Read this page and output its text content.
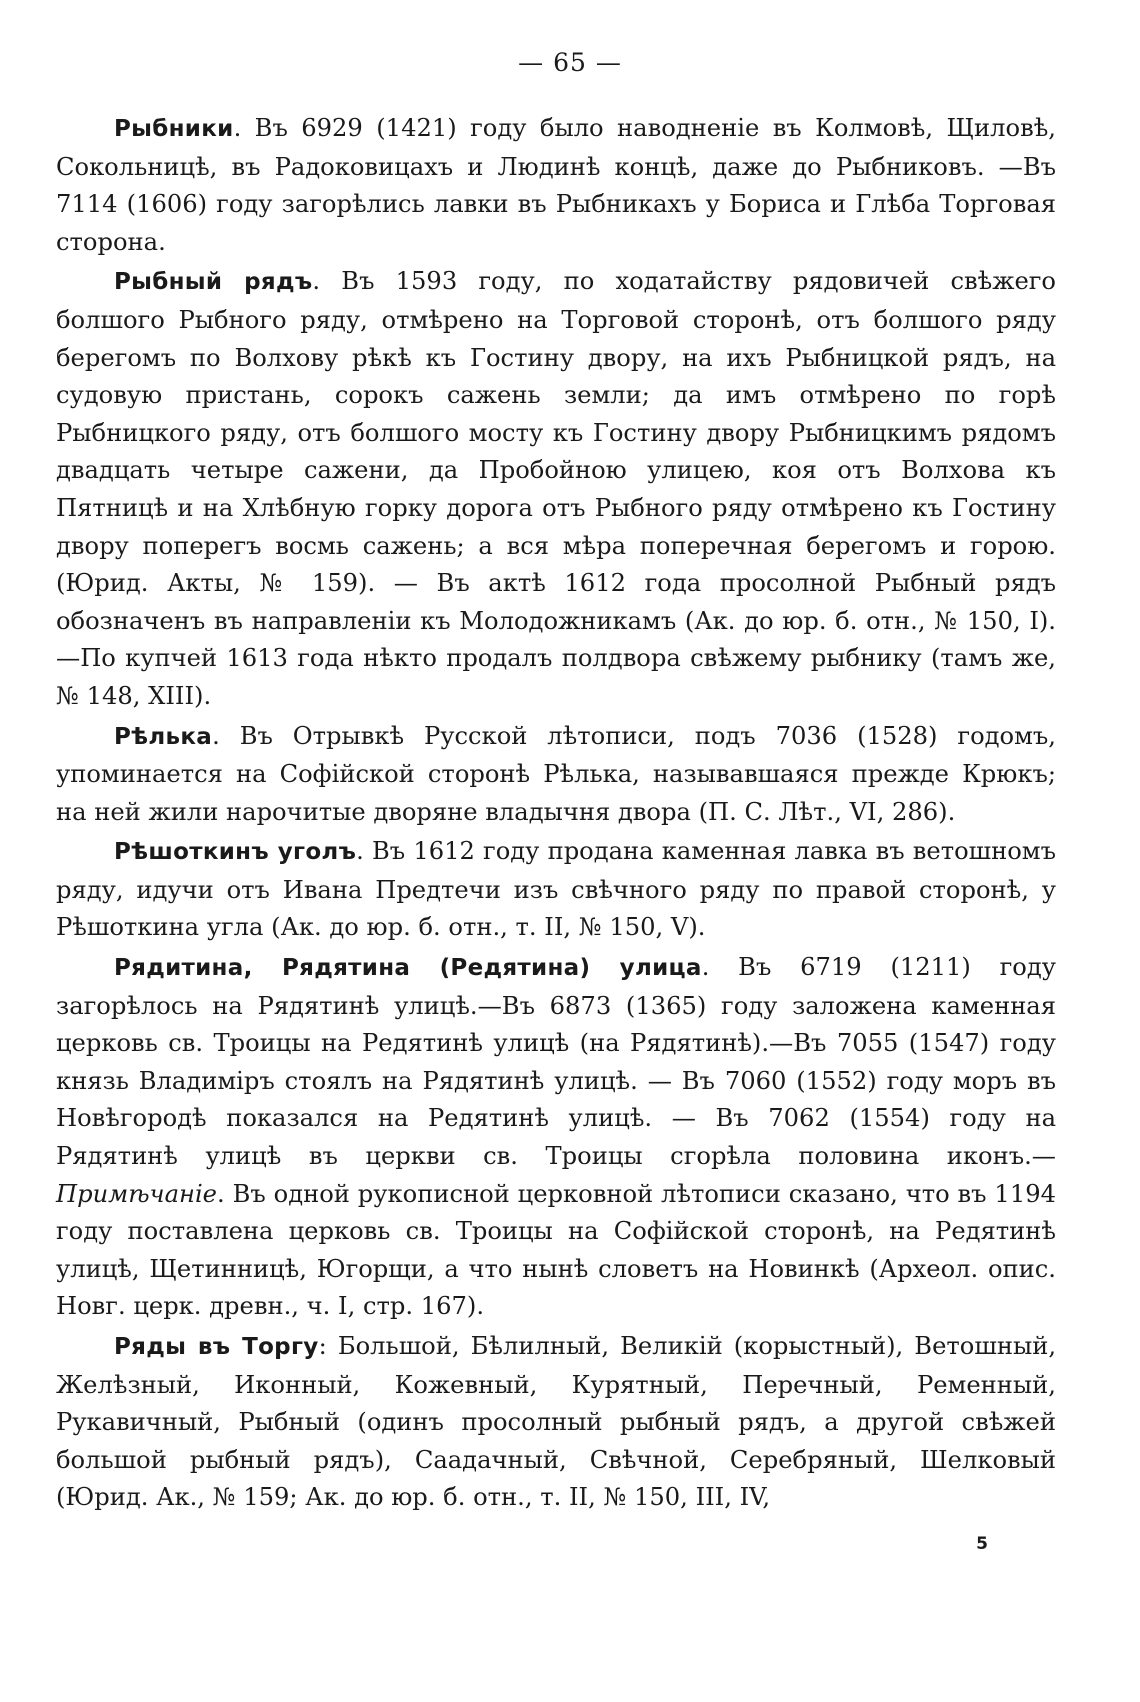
— 65 —

Рыбники. Въ 6929 (1421) году было наводненіе въ Колмовѣ, Щиловѣ, Сокольницѣ, въ Радоковицахъ и Людинѣ концѣ, даже до Рыбниковъ. —Въ 7114 (1606) году загорѣлись лавки въ Рыбникахъ у Бориса и Глѣба Торговая сторона.

Рыбный рядъ. Въ 1593 году, по ходатайству рядовичей свѣжего болшого Рыбного ряду, отмѣрено на Торговой сторонѣ, отъ болшого ряду берегомъ по Волхову рѣкѣ къ Гостину двору, на ихъ Рыбницкой рядъ, на судовую пристань, сорокъ сажень земли; да имъ отмѣрено по горѣ Рыбницкого ряду, отъ болшого мосту къ Гостину двору Рыбницкимъ рядомъ двадцать четыре сажени, да Пробойною улицею, коя отъ Волхова къ Пятницѣ и на Хлѣбную горку дорога отъ Рыбного ряду отмѣрено къ Гостину двору поперегъ восмь сажень; а вся мѣра поперечная берегомъ и горою. (Юрид. Акты, № 159). — Въ актѣ 1612 года просолной Рыбный рядъ обозначенъ въ направленіи къ Молодожникамъ (Ак. до юр. б. отн., № 150, I).—По купчей 1613 года нѣкто продалъ полдвора свѣжему рыбнику (тамъ же, № 148, XIII).

Рѣлька. Въ Отрывкѣ Русской лѣтописи, подъ 7036 (1528) годомъ, упоминается на Софійской сторонѣ Рѣлька, называвшаяся прежде Крюкъ; на ней жили нарочитые дворяне владычня двора (П. С. Лѣт., VI, 286).

Рѣшоткинъ уголъ. Въ 1612 году продана каменная лавка въ ветошномъ ряду, идучи отъ Ивана Предтечи изъ свѣчного ряду по правой сторонѣ, у Рѣшоткина угла (Ак. до юр. б. отн., т. II, № 150, V).

Рядитина, Рядятина (Редятина) улица. Въ 6719 (1211) году загорѣлось на Рядятинѣ улицѣ.—Въ 6873 (1365) году заложена каменная церковь св. Троицы на Редятинѣ улицѣ (на Рядятинѣ).—Въ 7055 (1547) году князь Владиміръ стоялъ на Рядятинѣ улицѣ. — Въ 7060 (1552) году моръ въ Новѣгородѣ показался на Редятинѣ улицѣ. — Въ 7062 (1554) году на Рядятинѣ улицѣ въ церкви св. Троицы сгорѣла половина иконъ.—Примѣчаніе. Въ одной рукописной церковной лѣтописи сказано, что въ 1194 году поставлена церковь св. Троицы на Софійской сторонѣ, на Редятинѣ улицѣ, Щетинницѣ, Югорщи, а что нынѣ словетъ на Новинкѣ (Археол. опис. Новг. церк. древн., ч. I, стр. 167).

Ряды въ Торгу: Большой, Бѣлилный, Великій (корыстный), Ветошный, Желѣзный, Иконный, Кожевный, Курятный, Перечный, Ременный, Рукавичный, Рыбный (одинъ просолный рыбный рядъ, а другой свѣжей большой рыбный рядъ), Саадачный, Свѣчной, Серебряный, Шелковый (Юрид. Ак., № 159; Ак. до юр. б. отн., т. II, № 150, III, IV,

5
